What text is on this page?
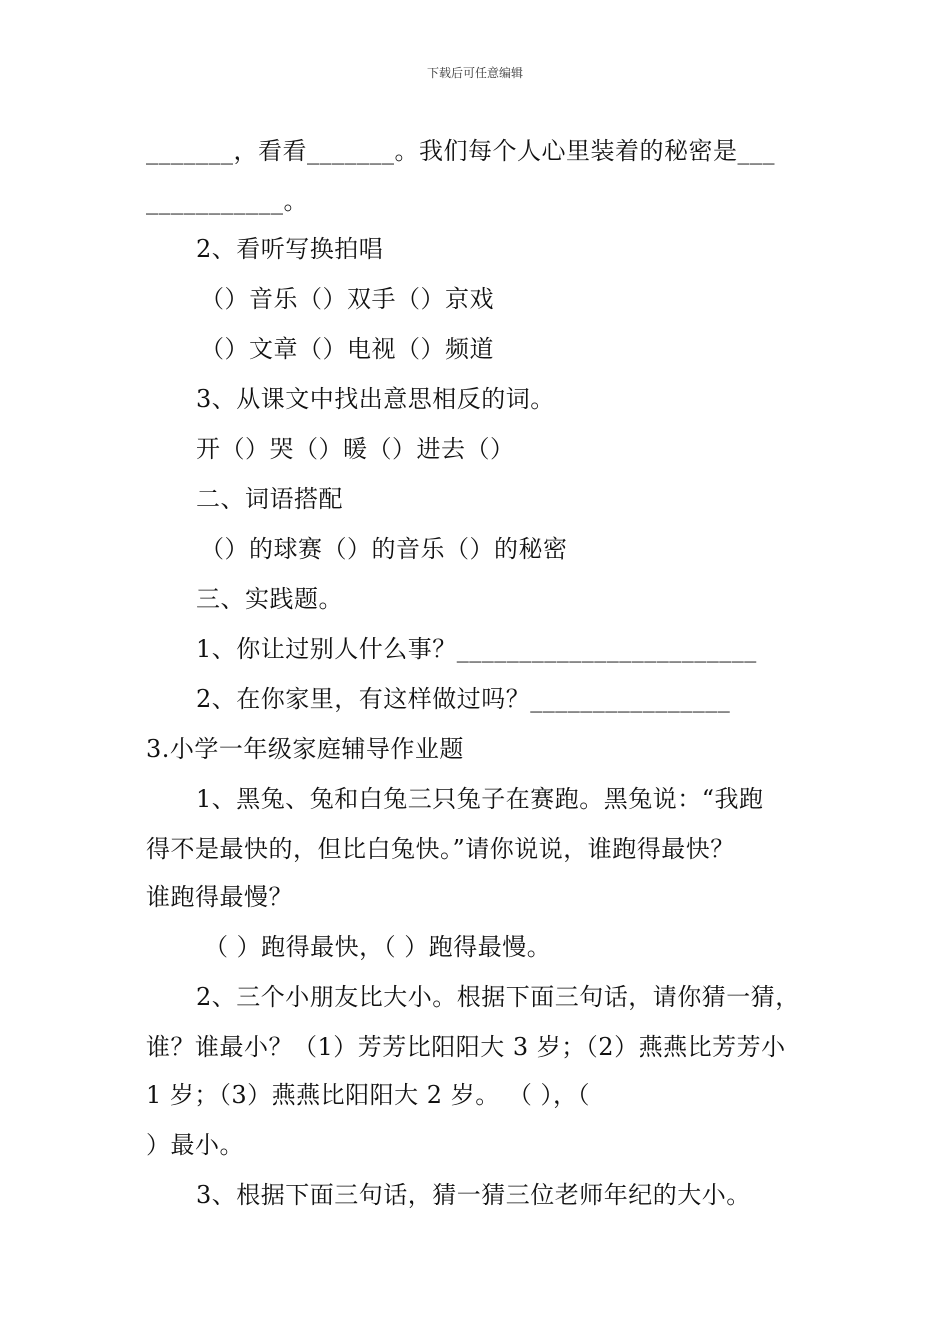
下载后可任意编辑
_______，看看_______。我们每个人心里装着的秘密是___
___________。
2、看听写换拍唱
（）音乐（）双手（）京戏
（）文章（）电视（）频道
3、从课文中找出意思相反的词。
开（）哭（）暖（）进去（）
二、词语搭配
（）的球赛（）的音乐（）的秘密
三、实践题。
1、你让过别人什么事？________________________
2、在你家里，有这样做过吗？________________
3.小学一年级家庭辅导作业题
1、黑兔、兔和白兔三只兔子在赛跑。黑兔说：“我跑
得不是最快的，但比白兔快。”请你说说，谁跑得最快？
谁跑得最慢？
（ ）跑得最快，（ ）跑得最慢。
2、三个小朋友比大小。根据下面三句话，请你猜一猜，
谁？谁最小？（1）芳芳比阳阳大 3 岁；（2）燕燕比芳芳小
1 岁；（3）燕燕比阳阳大 2 岁。 （ ），（
）最小。
3、根据下面三句话，猜一猜三位老师年纪的大小。
